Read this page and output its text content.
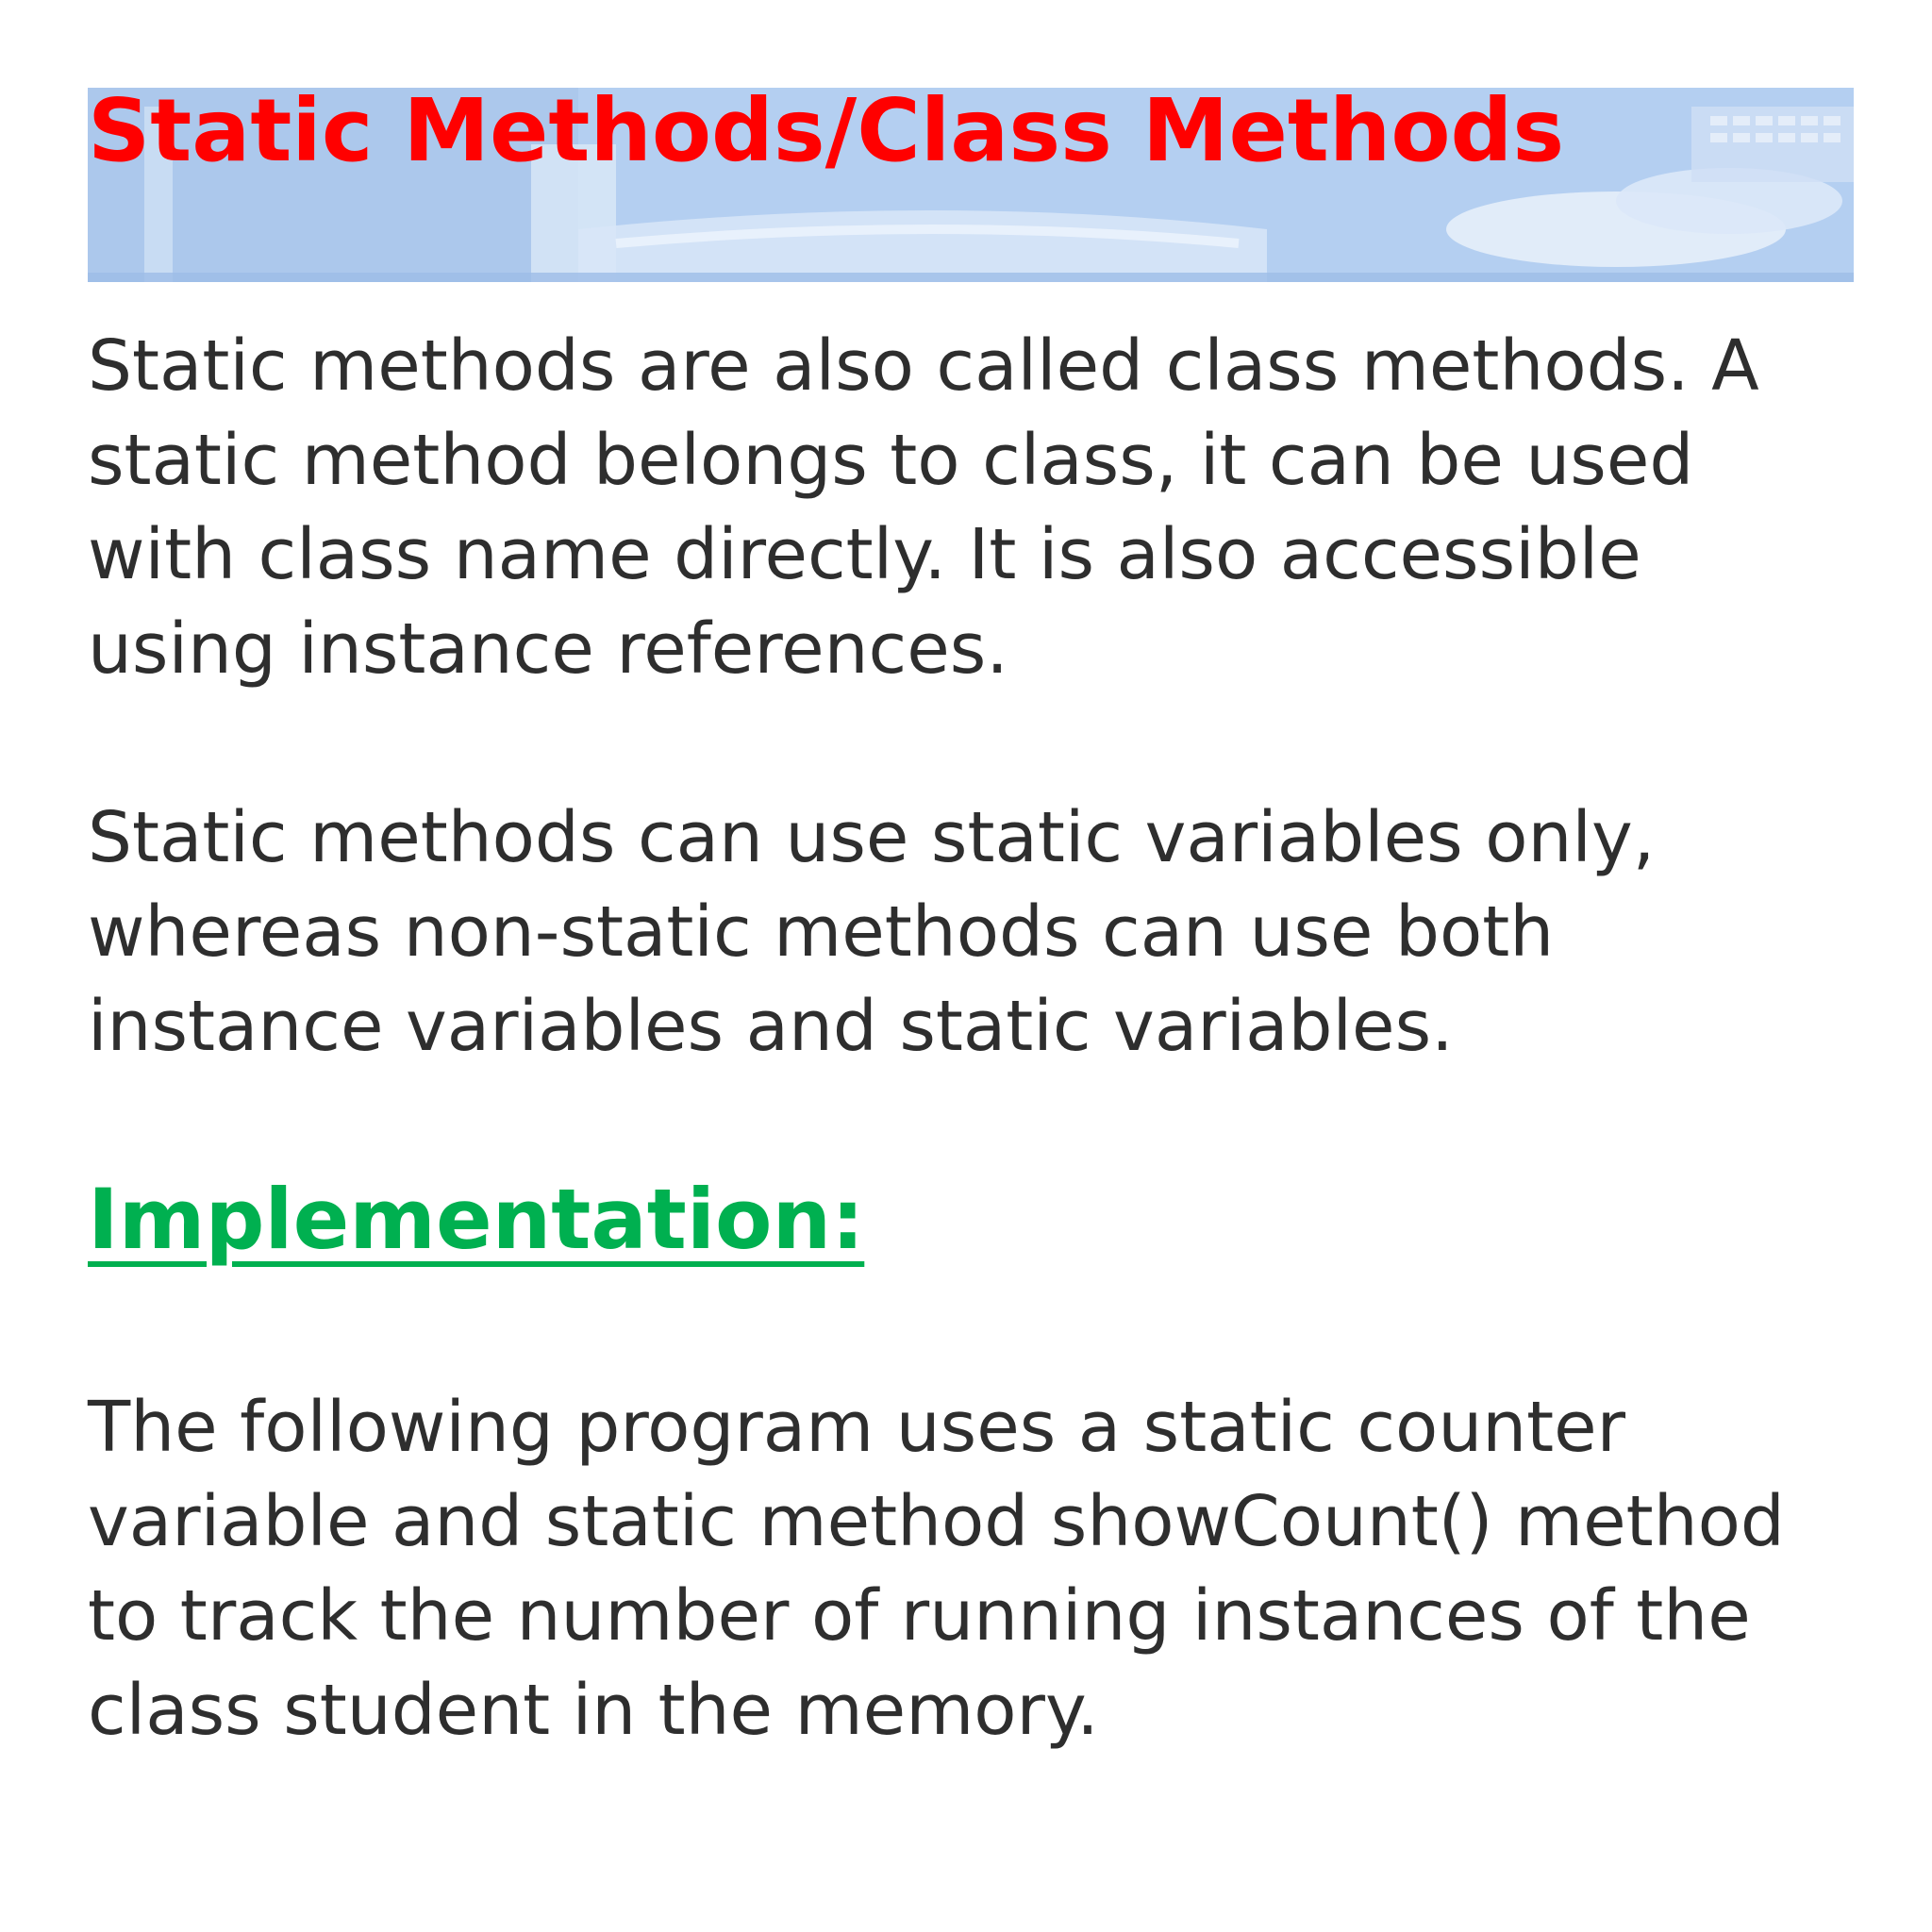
Static Methods/Class Methods
Static methods are also called class methods. A
static method belongs to class, it can be used
with class name directly. It is also accessible
using instance references.
Static methods can use static variables only,
whereas non-static methods can use both
instance variables and static variables.
Implementation:
The following program uses a static counter
variable and static method showCount() method
to track the number of running instances of the
class student in the memory.
